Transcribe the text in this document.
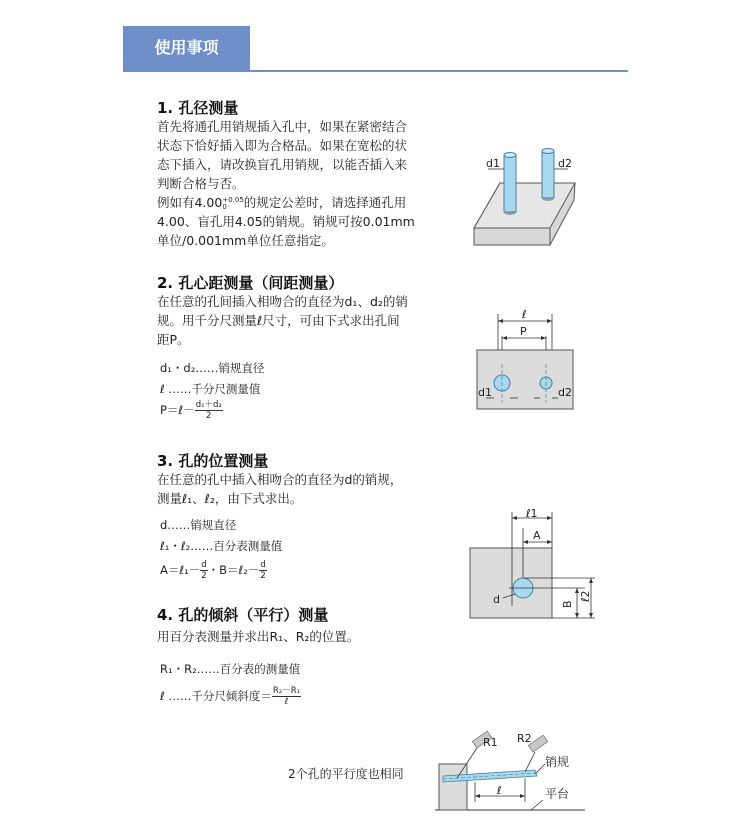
使用事项
1. 孔径测量
首先将通孔用销规插入孔中，如果在紧密结合
状态下恰好插入即为合格品。如果在宽松的状
态下插入，请改换盲孔用销规，以能否插入来
判断合格与否。
例如有4.00 +0.05
0	的规定公差时，请选择通孔用
4.00、盲孔用4.05的销规。销规可按0.01mm
单位/0.001mm单位任意指定。
d1	d2
2. 孔心距测量（间距测量）
在任意的孔间插入相吻合的直径为d₁、d₂的销
规。用千分尺测量ℓ尺寸，可由下式求出孔间
距P。
d₁・d₂……销规直径
ℓ ……千分尺测量值
P＝ℓ－ $\frac{\text{d₁＋d₂}}{2}$
ℓ
P
d1	d2
3. 孔的位置测量
在任意的孔中插入相吻合的直径为d的销规，
测量ℓ₁、ℓ₂，由下式求出。
d……销规直径
ℓ₁・ℓ₂……百分表测量值
A＝ℓ₁－ $\frac{d}{2}$ ・B＝ℓ₂－ $\frac{d}{2}$
ℓ1
A
d	B
ℓ2
4. 孔的倾斜（平行）测量
用百分表测量并求出R₁、R₂的位置。
R₁・R₂……百分表的测量值
ℓ ……千分尺倾斜度＝ $\frac{\text{R₂－R₁}}{\text{ℓ}}$
2个孔的平行度也相同
R1 R2
销规
ℓ	平台
